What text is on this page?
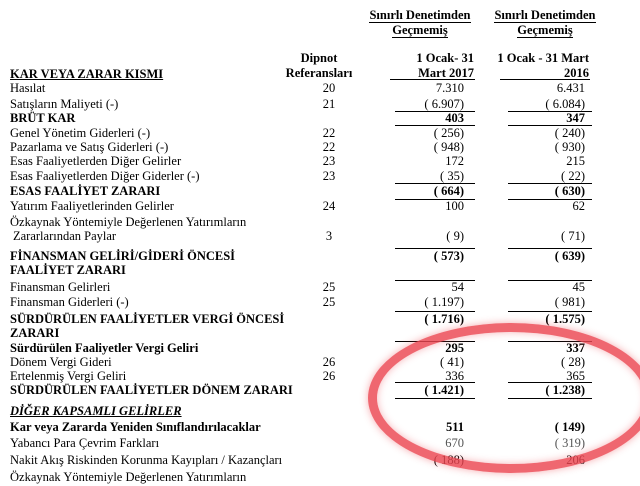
Sınırlı Denetimden Geçmemiş
Sınırlı Denetimden Geçmemiş
Dipnot Referansları
1 Ocak- 31 Mart 2017
1 Ocak - 31 Mart 2016
KAR VEYA ZARAR KISMI
Hasılat	20	7.310	6.431
Satışların Maliyeti (-)	21	( 6.907)	( 6.084)
BRÜT KAR	403	347
Genel Yönetim Giderleri (-)	22	( 256)	( 240)
Pazarlama ve Satış Giderleri (-)	22	( 948)	( 930)
Esas Faaliyetlerden Diğer Gelirler	23	172	215
Esas Faaliyetlerden Diğer Giderler (-)	23	( 35)	( 22)
ESAS FAALİYET ZARARI	( 664)	( 630)
Yatırım Faaliyetlerinden Gelirler	24	100	62
Özkaynak Yöntemiyle Değerlenen Yatırımların
Zararlarından Paylar	3	( 9)	( 71)
FİNANSMAN GELİRİ/GİDERİ ÖNCESİ	( 573)	( 639)
FAALİYET ZARARI
Finansman Gelirleri	25	54	45
Finansman Giderleri (-)	25	( 1.197)	( 981)
SÜRDÜRÜLEN FAALİYETLER VERGİ ÖNCESİ	( 1.716)	( 1.575)
ZARARI
Sürdürülen Faaliyetler Vergi Geliri	295	337
Dönem Vergi Gideri	26	( 41)	( 28)
Ertelenmiş Vergi Geliri	26	336	365
SÜRDÜRÜLEN FAALİYETLER DÖNEM ZARARI	( 1.421)	( 1.238)
DİĞER KAPSAMLI GELİRLER
Kar veya Zararda Yeniden Sınıflandırılacaklar	511	( 149)
Yabancı Para Çevrim Farkları	670	( 319)
Nakit Akış Riskinden Korunma Kayıpları / Kazançları	( 188)	206
Özkaynak Yöntemiyle Değerlenen Yatırımların
